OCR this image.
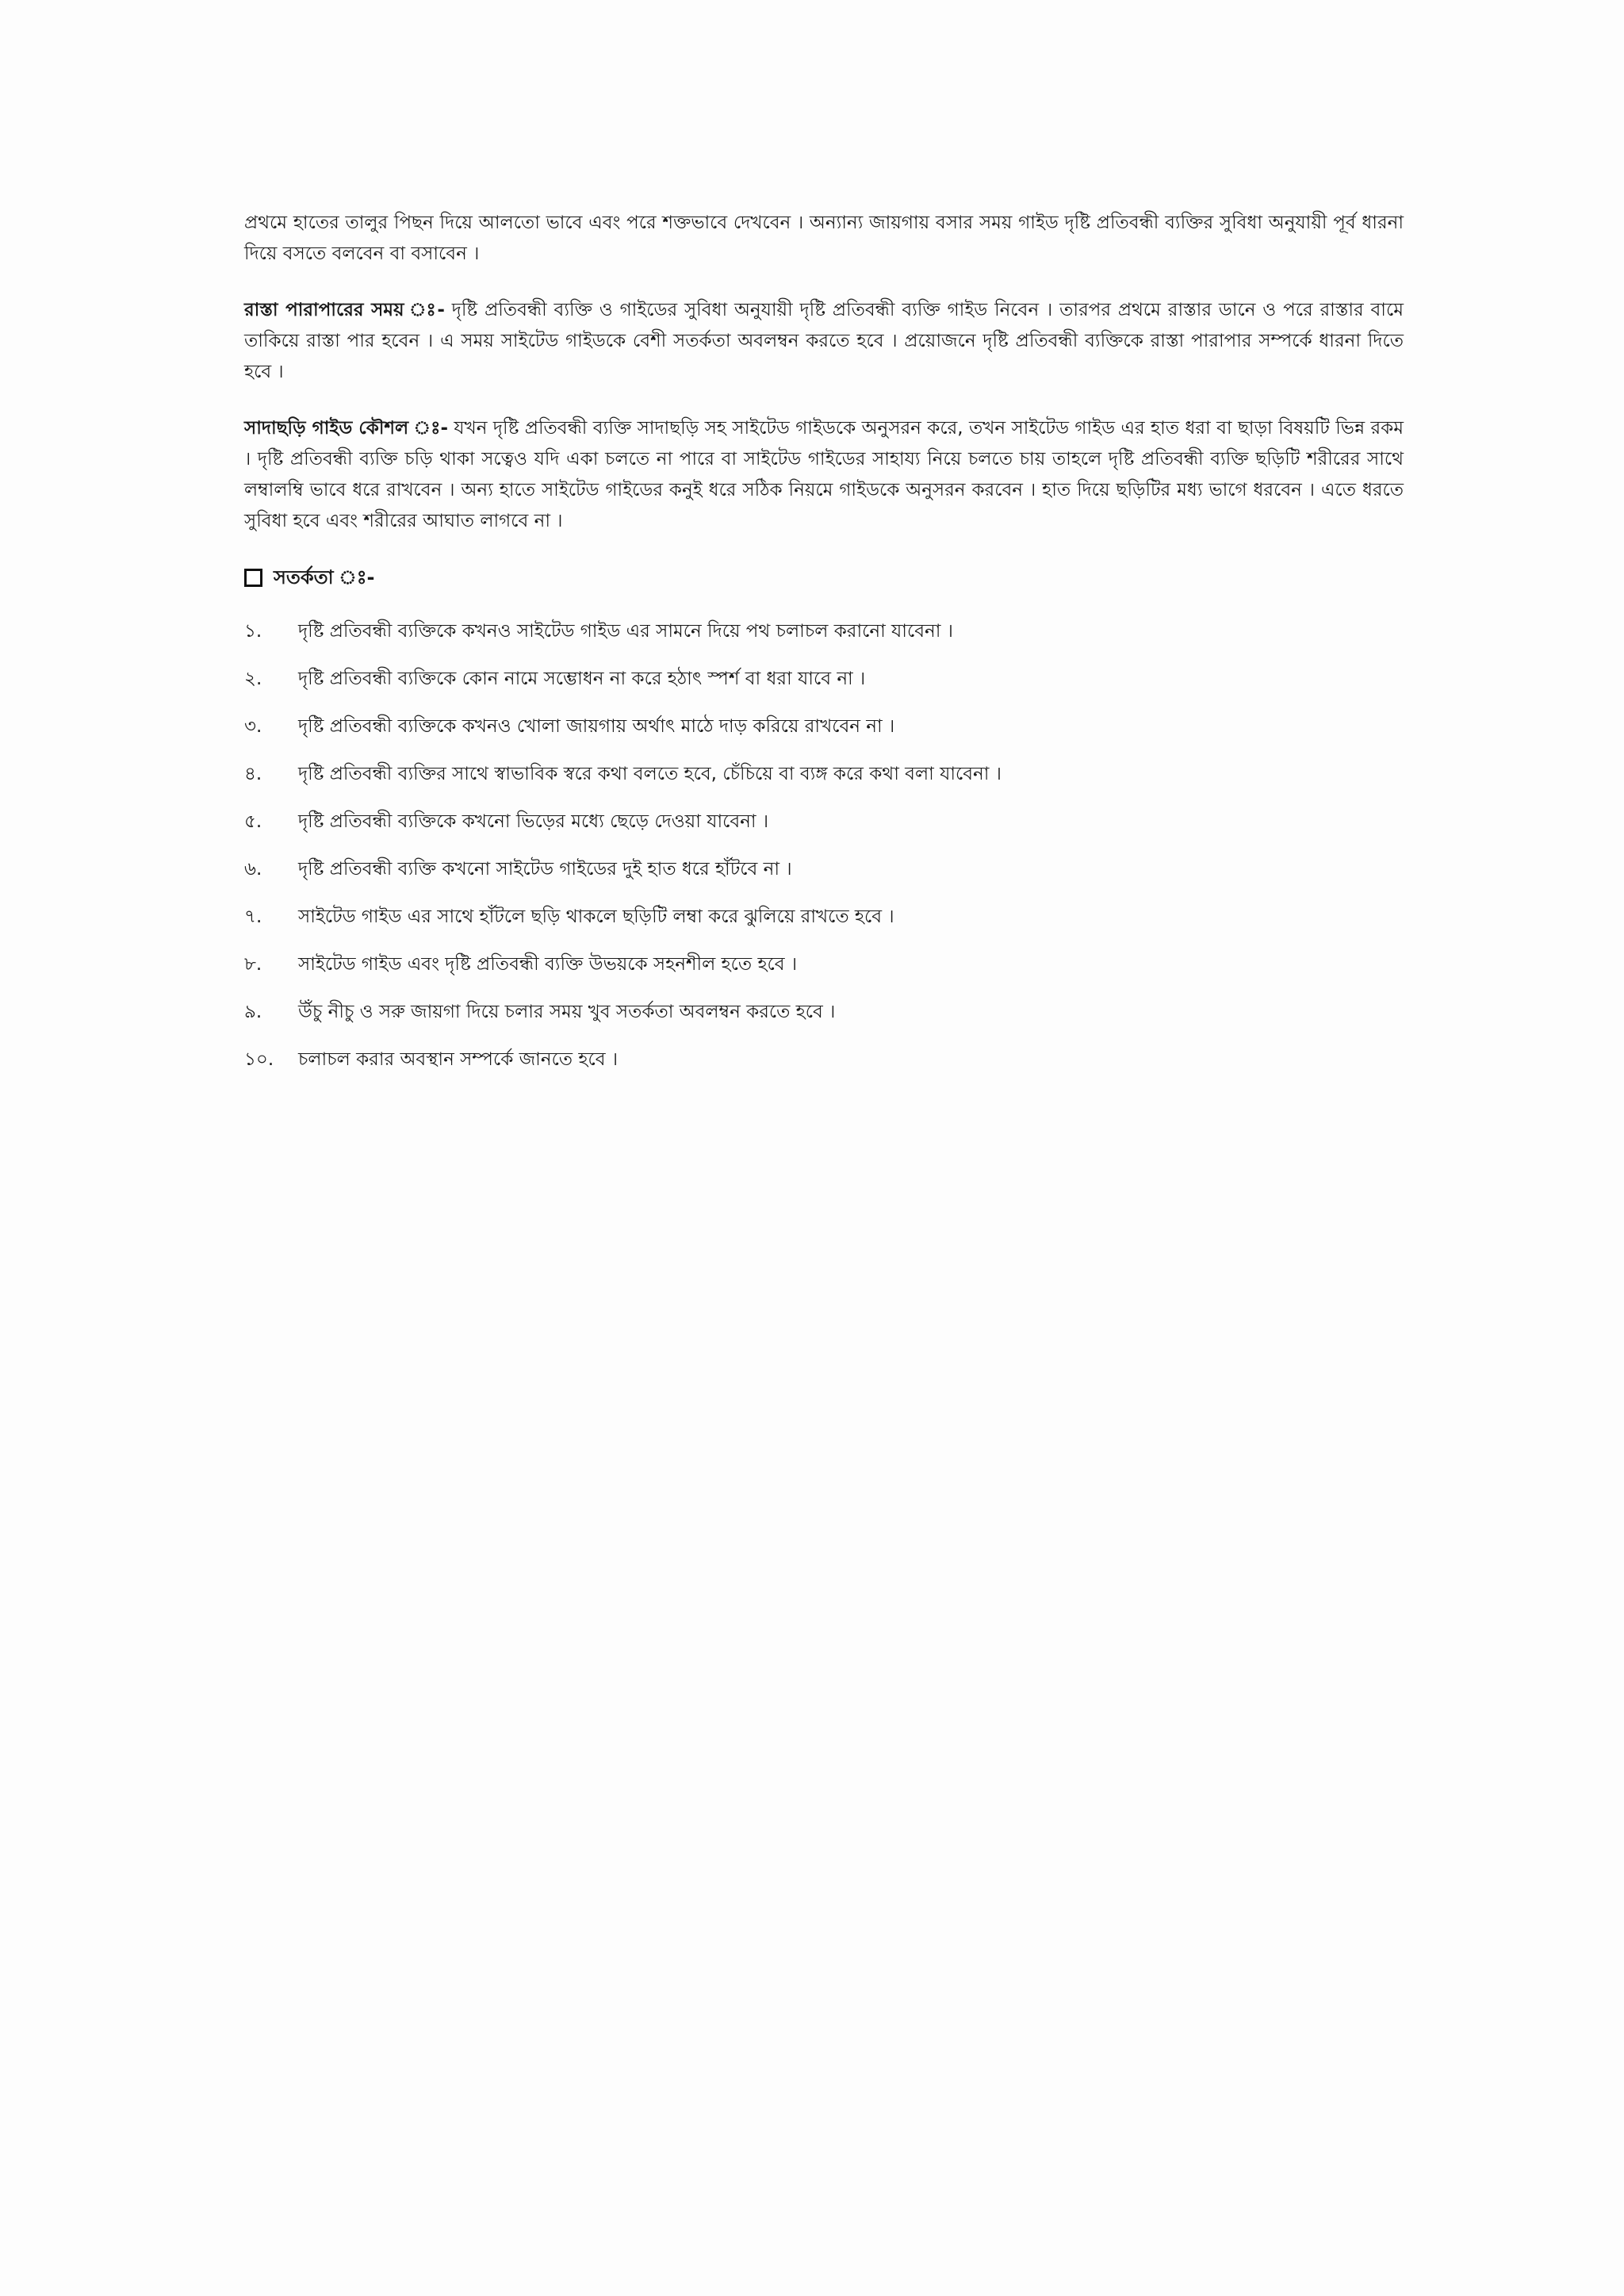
প্রথমে হাতের তালুর পিছন দিয়ে আলতো ভাবে এবং পরে শক্তভাবে দেখবেন । অন্যান্য জায়গায় বসার সময় গাইড দৃষ্টি প্রতিবন্ধী ব্যক্তির সুবিধা অনুযায়ী পূর্ব ধারনা দিয়ে বসতে বলবেন বা বসাবেন ।

রাস্তা পারাপারের সময় ঃ- দৃষ্টি প্রতিবন্ধী ব্যক্তি ও গাইডের সুবিধা অনুযায়ী দৃষ্টি প্রতিবন্ধী ব্যক্তি গাইড নিবেন । তারপর প্রথমে রাস্তার ডানে ও পরে রাস্তার বামে তাকিয়ে রাস্তা পার হবেন । এ সময় সাইটেড গাইডকে বেশী সতর্কতা অবলম্বন করতে হবে । প্রয়োজনে দৃষ্টি প্রতিবন্ধী ব্যক্তিকে রাস্তা পারাপার সম্পর্কে ধারনা দিতে হবে ।

সাদাছড়ি গাইড কৌশল ঃ- যখন দৃষ্টি প্রতিবন্ধী ব্যক্তি সাদাছড়ি সহ সাইটেড গাইডকে অনুসরন করে, তখন সাইটেড গাইড এর হাত ধরা বা ছাড়া বিষয়টি ভিন্ন রকম । দৃষ্টি প্রতিবন্ধী ব্যক্তি চড়ি থাকা সত্বেও যদি একা চলতে না পারে বা সাইটেড গাইডের সাহায্য নিয়ে চলতে চায় তাহলে দৃষ্টি প্রতিবন্ধী ব্যক্তি ছড়িটি শরীরের সাথে লম্বালম্বি ভাবে ধরে রাখবেন । অন্য হাতে সাইটেড গাইডের কনুই ধরে সঠিক নিয়মে গাইডকে অনুসরন করবেন । হাত দিয়ে ছড়িটির মধ্য ভাগে ধরবেন । এতে ধরতে সুবিধা হবে এবং শরীরের আঘাত লাগবে না ।

সতর্কতা ঃ-
১.	দৃষ্টি প্রতিবন্ধী ব্যক্তিকে কখনও সাইটেড গাইড এর সামনে দিয়ে পথ চলাচল করানো যাবেনা ।
২.	দৃষ্টি প্রতিবন্ধী ব্যক্তিকে কোন নামে সম্ভোধন না করে হঠাৎ স্পর্শ বা ধরা যাবে না ।
৩.	দৃষ্টি প্রতিবন্ধী ব্যক্তিকে কখনও খোলা জায়গায় অর্থাৎ মাঠে দাড় করিয়ে রাখবেন না ।
৪.	দৃষ্টি প্রতিবন্ধী ব্যক্তির সাথে স্বাভাবিক স্বরে কথা বলতে হবে, চেঁচিয়ে বা ব্যঙ্গ করে কথা বলা যাবেনা ।
৫.	দৃষ্টি প্রতিবন্ধী ব্যক্তিকে কখনো ভিড়ের মধ্যে ছেড়ে দেওয়া যাবেনা ।
৬.	দৃষ্টি প্রতিবন্ধী ব্যক্তি কখনো সাইটেড গাইডের দুই হাত ধরে হাঁটবে না ।
৭.	সাইটেড গাইড এর সাথে হাঁটলে ছড়ি থাকলে ছড়িটি লম্বা করে ঝুলিয়ে রাখতে হবে ।
৮.	সাইটেড গাইড এবং দৃষ্টি প্রতিবন্ধী ব্যক্তি উভয়কে সহনশীল হতে হবে ।
৯.	উঁচু নীচু ও সরু জায়গা দিয়ে চলার সময় খুব সতর্কতা অবলম্বন করতে হবে ।
১০.	চলাচল করার অবস্থান সম্পর্কে জানতে হবে ।
